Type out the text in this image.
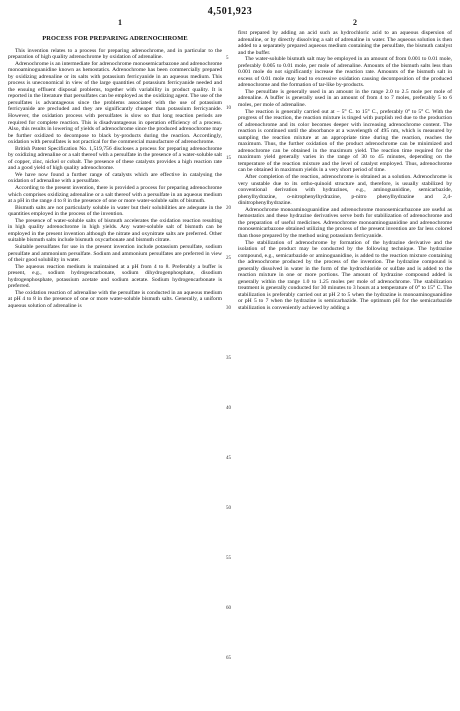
4,501,923
1	2
PROCESS FOR PREPARING ADRENOCHROME

This invention relates to a process for preparing adrenochrome, and in particular to the preparation of high quality adrenochrome by oxidation of adrenaline.

Adrenochrome is an intermediate for adrenochrome monosemicarbazone and adrenochrome monoaminoguanidine known as hemostatics. Adrenochrome has been commercially prepared by oxidizing adrenaline or its salts with potassium ferricyanide in an aqueous medium. This process is uneconomical in view of the large quantities of potassium ferricyanide needed and the ensuing effluent disposal problems, together with variability in product quality. It is reported in the literature that persulfates can be employed as the oxidizing agent. The use of the persulfates is advantageous since the problems associated with the use of potassium ferricyanide are precluded and they are significantly cheaper than potassium ferricyanide. However, the oxidation process with persulfates is slow so that long reaction periods are required for complete reaction. This is disadvantageous in operation efficiency of a process. Also, this results in lowering of yields of adrenochrome since the produced adrenochrome may be further oxidized to decompose to black by-products during the reaction. Accordingly, oxidation with persulfates is not practical for the commercial manufacture of adrenochrome.

British Patent Specification No. 1,519,756 discloses a process for preparing adrenochrome by oxidizing adrenaline or a salt thereof with a persulfate in the presence of a water-soluble salt of copper, zinc, nickel or cobalt. The presence of these catalysts provides a high reaction rate and a good yield of high quality adrenochrome.

We have now found a further range of catalysts which are effective in catalysing the oxidation of adrenaline with a persulfate.

According to the present invention, there is provided a process for preparing adrenochrome which comprises oxidizing adrenaline or a salt thereof with a persulfate in an aqueous medium at a pH in the range 4 to 8 in the presence of one or more water-soluble salts of bismuth.

Bismuth salts are not particularly soluble in water but their solubilities are adequate in the quantities employed in the process of the invention.

The presence of water-soluble salts of bismuth accelerates the oxidation reaction resulting in high quality adrenochrome in high yields. Any water-soluble salt of bismuth can be employed in the present invention although the nitrate and oxynitrate salts are preferred. Other suitable bismuth salts include bismuth oxycarbonate and bismuth citrate.

Suitable persulfates for use in the present invention include potassium persulfate, sodium persulfate and ammonium persulfate. Sodium and ammonium persulfates are preferred in view of their good solubility in water.

The aqueous reaction medium is maintained at a pH from 4 to 8. Preferably a buffer is present, e.g., sodium hydrogencarbonate, sodium dihydrogenphosphate, disodium hydrogenphosphate, potassium acetate and sodium acetate. Sodium hydrogencarbonate is preferred.

The oxidation reaction of adrenaline with the persulfate is conducted in an aqueous medium at pH 4 to 8 in the presence of one or more water-soluble bismuth salts. Generally, a uniform aqueous solution of adrenaline is

5
10
15
20
25
30
35
40
45
50
55
60
65

first prepared by adding an acid such as hydrochloric acid to an aqueous dispersion of adrenaline, or by directly dissolving a salt of adrenaline in water. The aqueous solution is then added to a separately prepared aqueous medium containing the persulfate, the bismuth catalyst and the buffer.

The water-soluble bismuth salt may be employed in an amount of from 0.001 to 0.01 mole, preferably 0.005 to 0.01 mole, per mole of adrenaline. Amounts of the bismuth salts less than 0.001 mole do not significantly increase the reaction rate. Amounts of the bismuth salt in excess of 0.01 mole may lead to excessive oxidation causing decomposition of the produced adrenochrome and the formation of tar-like by-products.

The persulfate is generally used in an amount in the range 2.0 to 2.5 mole per mole of adrenaline. A buffer is generally used in an amount of from 4 to 7 moles, preferably 5 to 6 moles, per mole of adrenaline.

The reaction is generally carried out at − 5° C. to 15° C., preferably 0° to 5° C. With the progress of the reaction, the reaction mixture is tinged with purplish red due to the production of adrenochrome and its color becomes deeper with increasing adrenochrome content. The reaction is continued until the absorbance at a wavelength of 495 nm, which is measured by sampling the reaction mixture at an appropriate time during the reaction, reaches the maximum. Thus, the further oxidation of the product adrenochrome can be minimized and adrenochrome can be obtained in the maximum yield. The reaction time required for the maximum yield generally varies in the range of 30 to 45 minutes, depending on the temperature of the reaction mixture and the level of catalyst employed. Thus, adrenochrome can be obtained in maximum yields in a very short period of time.

After completion of the reaction, adrenochrome is obtained as a solution. Adrenochrome is very unstable due to its ortho-quinoid structure and, therefore, is usually stabilized by conventional derivation with hydrazines, e.g., aminoguanidine, semicarbazide, phenylhydrazine, o-nitrophenylhydrazine, p-nitro phenylhydrazine and 2,4-dinitrophenylhydrazine.

Adrenochrome monoaminoguanidine and adrenochrome monosemicarbazone are useful as hemostatics and these hydrazine derivatives serve both for stabilization of adrenochrome and the preparation of useful medicines. Adrenochrome monoaminoguanidine and adrenochrome monosemicarbazone obtained utilizing the process of the present invention are far less colored than those prepared by the method using potassium ferricyanide.

The stabilization of adrenochrome by formation of the hydrazine derivative and the isolation of the product may be conducted by the following technique. The hydrazine compound, e.g., semicarbazide or aminoguanidine, is added to the reaction mixture containing the adrenochrome produced by the process of the invention. The hydrazine compound is generally dissolved in water in the form of the hydrochloride or sulfate and is added to the reaction mixture in one or more portions. The amount of hydrazine compound added is generally within the range 1.0 to 1.25 moles per mole of adrenochrome. The stabilization treatment is generally conducted for 30 minutes to 3 hours at a temperature of 0° to 15° C. The stabilization is preferably carried out at pH 2 to 5 when the hydrazine is monoaminoguanidine or pH 5 to 7 when the hydrazine is semicarbazide. The optimum pH for the semicarbazide stabilization is conveniently achieved by adding a
